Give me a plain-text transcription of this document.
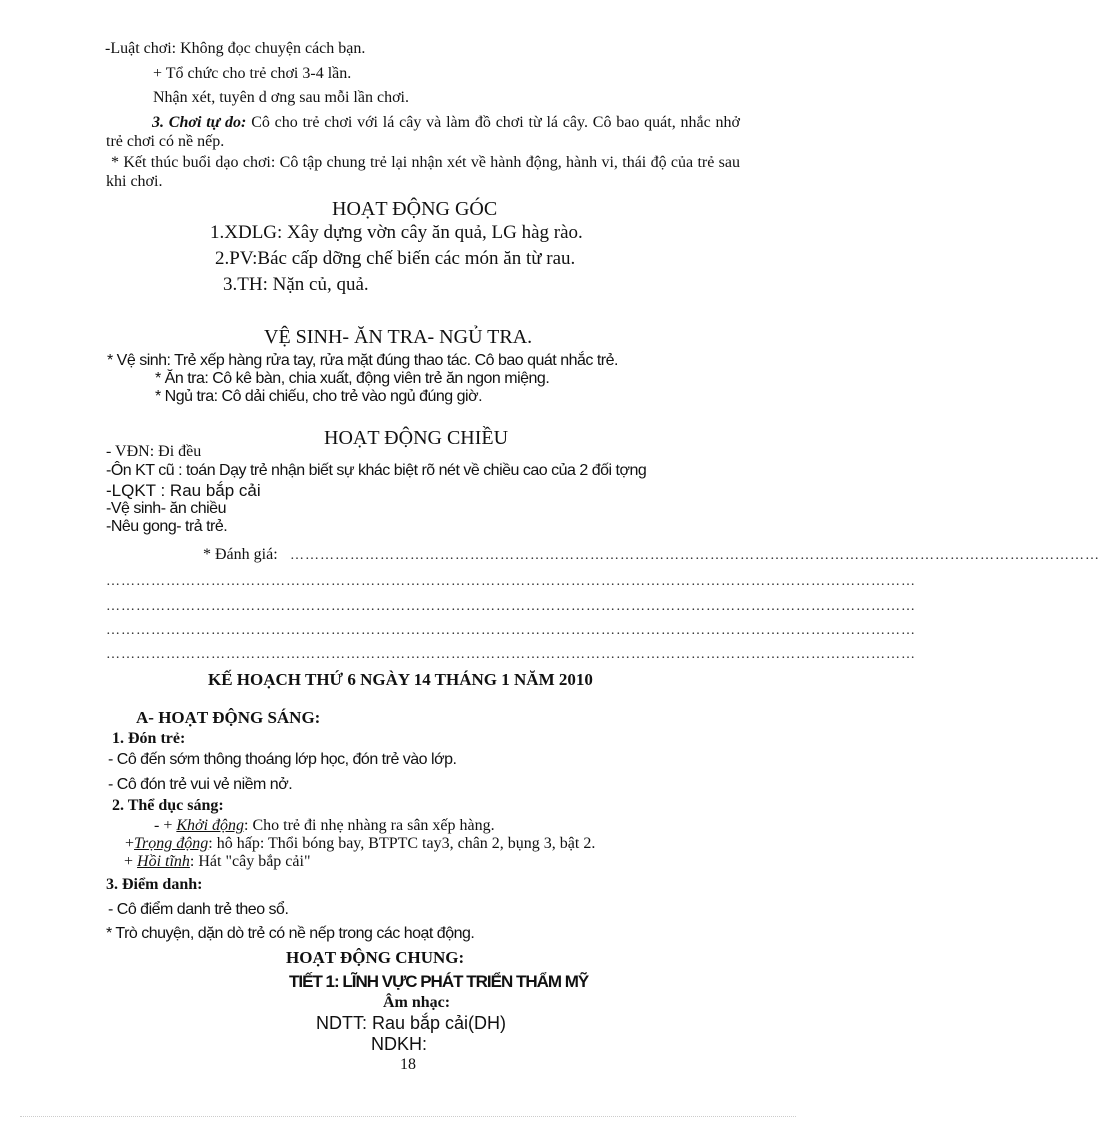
-Luật chơi: Không đọc chuyện cách bạn.
+ Tổ chức cho trẻ chơi 3-4 lần.
Nhận xét, tuyên d ơng sau mỗi lần chơi.
3. Chơi tự do: Cô cho trẻ chơi với lá cây và làm đồ chơi từ lá cây. Cô bao quát, nhắc nhở trẻ chơi có nề nếp.
* Kết thúc buổi dạo chơi: Cô tập chung trẻ lại nhận xét về hành động, hành vi, thái độ của trẻ sau khi chơi.
HOẠT ĐỘNG GÓC
1.XDLG: Xây dựng vờn cây ăn quả, LG hàg rào.
2.PV:Bác cấp dỡng chế biến các món ăn từ rau.
3.TH: Nặn củ, quả.
VỆ SINH- ĂN TRA- NGỦ TRA.
* Vệ sinh: Trẻ xếp hàng rửa tay, rửa mặt đúng thao tác. Cô bao quát nhắc trẻ.
* Ăn tra: Cô kê bàn, chia xuất, động viên trẻ ăn ngon miệng.
* Ngủ tra: Cô dải chiếu, cho trẻ vào ngủ đúng giờ.
HOẠT ĐỘNG CHIỀU
- VĐN: Đi đều
-Ôn KT cũ : toán Dạy trẻ nhận biết sự khác biệt rõ nét về chiều cao của 2 đối tợng
-LQKT : Rau bắp cải
-Vệ sinh- ăn chiều
-Nêu gong- trả trẻ.
* Đánh giá: ………………………………………………………………………………………………………………………………………………
………………………………………………………………………………………………………………………………………………
………………………………………………………………………………………………………………………………………………
………………………………………………………………………………………………………………………………………………
………………………………………………………………………………………………………………………………………………
KẾ HOẠCH THỨ 6 NGÀY 14 THÁNG 1 NĂM 2010
A- HOẠT ĐỘNG SÁNG:
1. Đón trẻ:
- Cô đến sớm thông thoáng lớp học, đón trẻ vào lớp.
- Cô đón trẻ vui vẻ niềm nở.
2. Thể dục sáng:
- + Khởi động: Cho trẻ đi nhẹ nhàng ra sân xếp hàng.
+Trọng động: hô hấp: Thổi bóng bay, BTPTC tay3, chân 2, bụng 3, bật 2.
+ Hồi tĩnh: Hát "cây bắp cải"
3. Điểm danh:
- Cô điểm danh trẻ theo sổ.
* Trò chuyện, dặn dò trẻ có nề nếp trong các hoạt động.
HOẠT ĐỘNG CHUNG:
TIẾT 1: LĨNH VỰC PHÁT TRIỂN THẨM MỸ
Âm nhạc:
NDTT: Rau bắp cải(DH)
NDKH:
18
